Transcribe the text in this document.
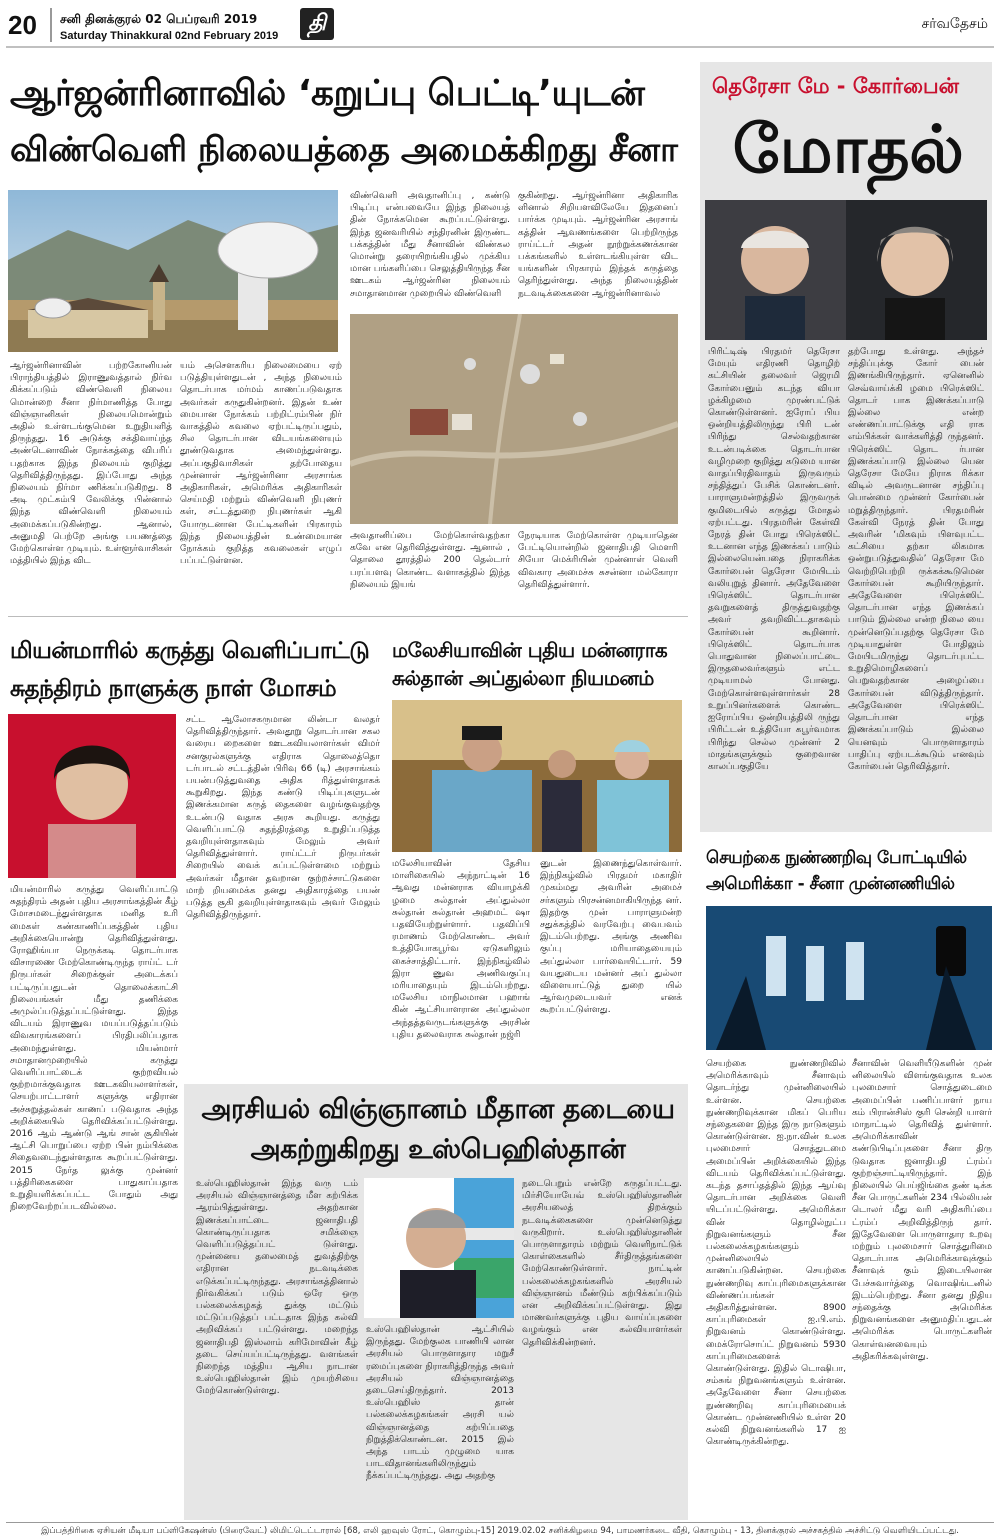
20 சனி தினக்குரல் 02 பெப்ரவரி 2019
Saturday Thinakkural 02nd February 2019	தி	சர்வதேசம்
ஆர்ஜன்ரினாவில் ‘கறுப்பு பெட்டி’யுடன்
விண்வெளி நிலையத்தை அமைக்கிறது சீனா
ஆர்ஜன்ரினாவின் பற்றகோனியன் பிராந்தியத்தில் இராணுவத்தால் நிர்வ கிக்கப்படும் விண்வெளி நிலைய மொன்றை சீனா நிர்மாணித்த போது விஞ்ஞானிகள் நிலையமொன்றும் அதில் உள்ளடங்குமென உறுதியளித் திருந்தது. 16 அடுக்கு சக்திவாய்ந்த அண்டெனாவின் நோக்கத்தை விபரிப் பதற்காக இந்த நிலையம் குறித்து தெரிவித்திருந்தது. இப்போது அந்த நிலையம் நிர்மா ணிக்கப்படுகிறது. 8 அடி முட்கம்பி வேலிக்கு பின்னால் இந்த விண்வெளி நிலையம் அமைக்கப்படுகின்றது. ஆனால், அனுமதி பெற்றே அங்கு பயணத்தை மேற்கொள்ள முடியும். உள்ளூர்வாசிகள் மத்தியில் இந்த விட
யம் அசௌகரிய நிலைமையை ஏற் படுத்தியுள்ளதுடன் , அந்த நிலையம் தொடர்பாக மர்மம் காணப்படுவதாக அவர்கள் கருதுகின்றனர். இதன் உண் மையான நோக்கம் பற்றிட்ரம்பின் நிர் வாகத்தில் கவலை ஏற்பட்டிருப்பதும், சில தொடர்பான விடயங்களையும் தூண்டுவதாக அமைந்துள்ளது. அப்பகுதிவாசிகள் தற்போதைய முன்னாள் ஆர்ஜன்ரினா அரசாங்க அதிகாரிகள், அமெரிக்க அதிகாரிகள் செய்மதி மற்றும் விண்வெளி நிபுணர் கள், சட்டத்துறை நிபுணர்கள் ஆகி யோருடனான பேட்டிகளின் பிரகாரம் இந்த நிலையத்தின் உண்மையான நோக்கம் குறித்த கவலைகள் எழுப் பப்பட்டுள்ளன.
விண்வெளி அவதானிப்பு , கண்டு பிடிப்பு என்பவையே இந்த நிலையத் தின் நோக்கமென கூறப்பட்டுள்ளது. இந்த ஜனவரியில் சந்திரனின் இருண்ட பக்கத்தின் மீது சீனாவின் விண்கல மொன்று தரையிறங்கியதில் முக்கிய மான பங்களிப்பை செலுத்தியிருந்த சீன ஊடகம் ஆர்ஜன்ரின நிலையம் சமாதானமான முறையில் விண்வெளி
குகின்றது. ஆர்ஜன்ரினா அதிகாரிக ளினால் சிறியளவிலேயே இதனைப் பார்க்க முடியும். ஆர்ஜன்ரின அரசாங் கத்தின் ஆவணங்களை பெற்றிருந்த ராய்ட்டர் அதன் நூற்றுக்கணக்கான பக்கங்களில் உள்ளடங்கியுள்ள விட யங்களின் பிரகாரம் இந்தக் கருத்தை தெரிந்துள்ளது. அந்த நிலையத்தின் நடவடிக்கைகளை ஆர்ஜன்ரினாவல்
அவதானிப்பை மேற்கொள்வதற்கா கவே என தெரிவித்துள்ளது. ஆனால் , தொலை தூரத்தில் 200 தெல்டார் பரப்பளவு கொண்ட வளாகத்தில் இந்த நிலையம் இயங்
நேரடியாக மேற்கொள்ள முடியாதென பேட்டியொன்றில் ஜனாதிபதி மௌரி சியோ மெக்ரியின் முன்னாள் வெளி விவகார அமைச்சு சுசன்னா மல்கோரா தெரிவித்துள்ளார்.
தெரேசா மே - கோர்பைன்
மோதல்
பிரிட்டிஷ் பிரதமர் தெரேசா மேயும் எதிரணி தொழிற் கட்சியின் தலைவர் ஜெரமி கோர்பைனும் கடந்த வியா ழக்கிழமை முரண்பட்டுக் கொண்டுள்ளனர். ஐரோப் பிய ஒன்றியத்திலிருந்து பிரி டன் பிரிந்து செல்வதற்கான உடன்படிக்கை தொடர்பான வழிமுறை குறித்து கடுமை யான வாதப்பிரதிவாதம் இருவரும் சந்தித்துப் பேசிக் கொண்டனர். பாராளுமன்றத்தில் இருவருக் குமிடையில் கருத்து மோதல் ஏற்பட்டது. பிரதமரின் கேள்வி நேரத் தின் போது பிரெக்ஸிட் உடனான எந்த இணக்கப் பாடும் இல்லையென்பதை நிராகரிக்க கோர்பைன் தெரேசா மேயிடம் வலியுறுத் தினார். அதேவேளை பிரெக்ஸிட் தொடர்பான தவறுகளைத் திருத்துவதற்கு அவர் தவறிவிட்டதாகவும் கோர்பைன் கூறினார். பிரெக்ஸிட் தொடர்பாக பொதுவான நிலைப்பாட்டை இருதலைவர்களும் எட்ட முடியாமல் போனது. மேற்கொள்ளவுள்ளார்கள் 28 உறுப்பினர்களைக் கொண்ட ஐரோப்பிய ஒன்றியத்திலி ருந்து பிரிட்டன் உத்தியோ கபூர்வமாக பிரிந்து செல்ல முன்னர் 2 மாதங்களுக்கும் குறைவான காலப்பகுதியே
தற்போது உள்ளது. அந்தச் சந்திப்புக்கு கோர் பைன் இணங்கியிருந்தார். ஏனெனில் செவ்வாய்க்கி ழமை பிரெக்ஸிட் தொடர் பாக இணக்கப்பாடு இல்லை என்ற எண்ணப்பாட்டுக்கு எதி ராக எம்பிக்கள் வாக்களித்தி ருந்தனர். பிரெக்ஸிட் தொட ர்பான இணக்கப்பாடு இல்லை யென தெரேசா மேயே நிராக ரிக்கா விடில் அவருடனான சந்திப்பு பொன்மை முன்னர் கோர்பைன் மறுத்திருந்தார். பிரதமரின் கேள்வி நேரத் தின் போது அவரின் ‘மிகவும் பிளவுபட்ட கட்சியை தற்கா லிகமாக ஒன்றுபடுத்துவதில்’ தெரேசா மே வெற்றிபெற்றி ருக்கக்கூடுமென கோர்பைன் கூறியிருந்தார். அதேவேளை பிரெக்ஸிட் தொடர்பான எந்த இணக்கப் பாடும் இல்லை என்ற நிலை யை முன்னெடுப்பதற்கு தெரேசா மே முடியாதுள்ள போதிலும் மேயிடமிருந்து தொடர்புபட்ட உறுதிமொழிகளைப் பெறுவதற்கான அழைப்பை கோர்பைன் விடுத்திருந்தார். அதேவேளை பிரெக்ஸிட் தொடர்பான எந்த இணக்கப்பாடும் இல்லை யெனவும் பொருளாதாரம் பாதிப்பு ஏற்படக்கூடும் எனவும் கோர்பைன் தெரிவித்தார்.
மியன்மாரில் கருத்து வெளிப்பாட்டு
சுதந்திரம் நாளுக்கு நாள் மோசம்
மியன்மாரில் கருத்து வெளிப்பாட்டு சுதந்திரம் அதன் புதிய அரசாங்கத்தின் கீழ் மோசமடைந்துள்ளதாக மனித உரி மைகள் கண்காணிப்பகத்தின் புதிய அறிக்கையொன்று தெரிவித்துள்ளது. ரோஹிங்யா நெருக்கடி தொடர்பாக விசாரணை மேற்கொண்டிருந்த ராய்ட் டர் நிருபர்கள் சிறைக்குள் அடைக்கப் பட்டிருப்பதுடன் தொலைக்காட்சி நிலையங்கள் மீது தணிக்கை அமுல்ப்படுத்தப்பட்டுள்ளது. இந்த விடயம் இராணுவ மயப்படுத்தப்படும் விவகாரங்களைப் பிரதிபலிப்பதாக அமைந்துள்ளது. மியன்மார் சமாதானமுறையில் கருத்து வெளிப்பாட்டைக் குற்றவியல் குற்றமாக்குவதாக ஊடகவியலாளர்கள், செயற்பாட்டாளர் களுக்கு எதிரான அச்சுறுத்தல்கள் காணப் படுவதாக அந்த அறிக்கையில் தெரிவிக்கப்பட்டுள்ளது. 2016 ஆம் ஆண்டு ஆங் சான் சூகியின் ஆட்சி பொறுப்பை ஏற்ற பின் நம்பிக்கை சிதைவடைந்துள்ளதாக கூறப்பட்டுள்ளது. 2015 நேர்த லுக்கு முன்னர் பத்திரிகைகளை பாதுகாப்பதாக உறுதியளிக்கப்பட்ட போதும் அது நிறைவேற்றப்படவில்லை.
சட்ட ஆலோசகருமான லின்டா வலதர் தெரிவித்திருந்தார். அவதூறு தொடர்பான சகல வரைய றைகளை ஊடகவியலாளர்கள் விமர் சனகுரல்களுக்கு எதிராக தொலைத்தொ டர்பாடல் சட்டத்தின் பிரிவு 66 (டி) அரசாங்கம் பயன்படுத்துவதை அதிக ரித்துள்ளதாகக் கூறுகிறது. இந்த கண்டு பிடிப்புகளுடன் இணக்கமான கருத் தைகளை வழங்குவதற்கு உடன்படு வதாக அரசு கூறியது. கருத்து வெளிப்பாட்டு சுதந்திரத்தை உறுதிப்படுத்த தவறியுள்ளதாகவும் மேலும் அவர் தெரிவித்துள்ளார். ராய்ட்டர் நிருபர்கள் சிறையில் வைக் கப்பட்டுள்ளமை மற்றும் அவர்கள் மீதான தவறான குற்றச்சாட்டுகளை மாற் றியமைக்க தனது அதிகாரத்தை பயன் படுத்த சூகி தவறியுள்ளதாகவும் அவர் மேலும் தெரிவித்திருந்தார்.
மலேசியாவின் புதிய மன்னராக
சுல்தான் அப்துல்லா நியமனம்
மலேசியாவின் தேசிய மாளிகையில் அந்நாட்டின் 16 ஆவது மன்னராக வியாழக்கி ழமை சுல்தான் அப்துல்லா சுல்தான் சுல்தான் அஹமட் ஷா பதவியேற்றுள்ளார். பதவிப்பி ரமாணம் மேற்கொண்ட அவர் உத்தியோகபூர்வ ஏடுகளிலும் கைச்சாத்திட்டார். இந்நிகழ்வில் இரா ணுவ அணிவகுப்பு மரியாதையும் இடம்பெற்றது. மலேசிய மாநிலமான பஹாங் கின் ஆட்சியாளரான அப்துல்லா அந்தத்தவருடங்களுக்கு அரசின் புதிய தலைவராக சுல்தான் நஜ்ரி
னுடன் இணைந்துகொள்வார். இந்நிகழ்வில் பிரதமர் மகாதிர் முகம்மது அவரின் அமைச் சர்களும் பிரசன்னமாகியிருந்த னர். இதற்கு முன் பாராளுமன்ற சதுக்கத்தில் வரவேற்பு வைபவம் இடம்பெற்றது. அங்கு அணிவ குப்பு மரியாதையையும் அப்துல்லா பார்வையிட்டார். 59 வயதுடைய மன்னர் அப் துல்லா விளையாட்டுத் துறை யில் ஆர்வமுடையவர் எனக் கூறப்பட்டுள்ளது.
செயற்கை நுண்ணறிவு போட்டியில்
அமெரிக்கா - சீனா முன்னணியில்
செயற்கை நுண்ணறிவில் அமெரிக்காவும் சீனாவும் தொடர்ந்து முன்னிலையில் உள்ளன. செயற்கை நுண்ணறிவுக்கான மிகப் பெரிய சந்தைகளை இந்த இரு நாடுகளும் கொண்டுள்ளன. ஐ.நா.வின் உலக புலமைசார் சொத்துடமை அமைப்பின் அறிக்கையில் இந்த விடயம் தெரிவிக்கப்பட்டுள்ளது. கடந்த தசாப்தத்தில் இந்த ஆய்வு தொடர்பான அறிக்கை வெளி யிடப்பட்டுள்ளது. அமெரிக்கா வின் தொழில்நுட்ப நிறுவனங்களும் சீன பல்கலைக்கழகங்களும் முன்னிலையில் காணப்படுகின்றன. செயற்கை நுண்ணறிவு காப்புரிமைகளுக்கான விண்ணப்பங்கள் அதிகரித்துள்ளன. 8900 காப்புரிமைகள் ஐ.பி.எம். நிறுவனம் கொண்டுள்ளது. மைக்ரோசொப்ட் நிறுவனம் 5930 காப்புரிமைகளைக் கொண்டுள்ளது. இதில் டொஷிபா, சம்சுங் நிறுவனங்களும் உள்ளன. அதேவேளை சீனா செயற்கை நுண்ணறிவு காப்புரிமையைக் கொண்ட முன்னணியில் உள்ள 20 கல்வி நிறுவனங்களில் 17 ஐ கொண்டிருக்கின்றது.
சீனாவின் வெளியீடுகளின் முன் னிலையில் விளங்குவதாக உலக புலமைசார் சொத்துடைமை அமைப்பின் பணிப்பாளர் நாய கம் பிரான்சிஸ் குரி சென்றி யாளர் மாநாட்டில் தெரிவித் துள்ளார். அமெரிக்காவின் கண்டுபிடிப்புகளை சீனா திரு டுவதாக ஜனாதிபதி ட்ரம்ப் குற்றஞ்சாட்டியிருந்தார். இந் நிலையில் பெய்ஜிங்கை தண் டிக்க சீன பொருட்களின் 234 பில்லியன் டொலர் மீது வரி அதிகரிப்பை ட்ரம்ப் அறிவித்திருந் தார். இதேவேளை பொருளாதார உறவு மற்றும் புலமைசார் சொத்துரிமை தொடர்பாக அமெரிக்காவுக்கும் சீனாவுக் கும் இடையிலான பேச்சுவார்த்தை வொஷிங்டனில் இடம்பெற்றது. சீனா தனது நிதிய சந்தைக்கு அமெரிக்க நிறுவனங்களை அனுமதிப்பதுடன் அமெரிக்க பொருட்களின் கொள்வனவையும் அதிகரிக்கவுள்ளது.
அரசியல் விஞ்ஞானம் மீதான தடையை
அகற்றுகிறது உஸ்பெஹிஸ்தான்
உஸ்பெஹிஸ்தான் இந்த வரு டம் அரசியல் விஞ்ஞானத்தை மீள கற்பிக்க ஆரம்பித்துள்ளது. அதற்கான இணக்கப்பாட்டை ஜனாதிபதி கொண்டிருப்பதாக சமிக்ஞை வெளிப்படுத்தப்பட் டுள்ளது. முன்னைய தலைமைத் துவத்திற்கு எதிரான நடவடிக்கை எடுக்கப்பட்டிருந்தது. அரசாங்கத்தினால் நிர்வகிக்கப் படும் ஒரே ஒரு பல்கலைக்கழகத் துக்கு மட்டும் மட்டுப்படுத்தப் பட்டதாக இந்த கல்வி அறிவிக்கப் பட்டுள்ளது. மறைந்த ஜனாதிபதி இஸ்லாம் கரிமோவின் கீழ் தடை செய்யப்பட்டிருந்தது. வளங்கள் நிறைந்த மத்திய ஆசிய நாடான உஸ்பெஹிஸ்தான் இம் முயற்சியை மேற்கொண்டுள்ளது.
உஸ்பெஹிஸ்தான் ஆட்சியில் இருந்தது. மேற்குலக பாணியி லான அரசியல் பொருளாதார மறுசீ ரமைப்புகளை நிராகரித்திருந்த அவர் அரசியல் விஞ்ஞானத்தை தடைசெய்திருந்தார். 2013 உஸ்பெஹிஸ் தான் பல்கலைக்கழகங்கள் அரசி யல் விஞ்ஞானத்தை கற்பிப்பதை நிறுத்திக்கொண்டன. 2015 இல் அந்த பாடம் முழுமை யாக பாடவிதானங்களிலிருந்தும் நீக்கப்பட்டிருந்தது. அது அதற்கு
நடைபெறும் என்றே கருதப்பட்டது. மிர்சியோயேவ் உஸ்பெஹிஸ்தானின் அரசியலைத் திறக்கும் நடவடிக்கைகளை முன்னெடுத்து வருகிறார். உஸ்பெஹிஸ்தானின் பொருளாதாரம் மற்றும் வெளிநாட்டுக் கொள்கைகளில் சீர்திருத்தங்களை மேற்கொண்டுள்ளார். நாட்டின் பல்கலைக்கழகங்களில் அரசியல் விஞ்ஞானம் மீண்டும் கற்பிக்கப்படும் என அறிவிக்கப்பட்டுள்ளது. இது மாணவர்களுக்கு புதிய வாய்ப்புகளை வழங்கும் என கல்வியாளர்கள் தெரிவிக்கின்றனர்.
இப்பத்திரிகை ஏசியன் மீடியா பப்ளிகேஷன்ஸ் (பிரைவேட்) லிமிட்டெட்டாரால் [68, எலி ஹவுஸ் ரோட், கொழும்பு-15] 2019.02.02 சனிக்கிழமை 94, பாமணர்கடை வீதி, கொழும்பு - 13, தினக்குரல் அச்சகத்தில் அச்சிட்டு வெளியிடப்பட்டது.
